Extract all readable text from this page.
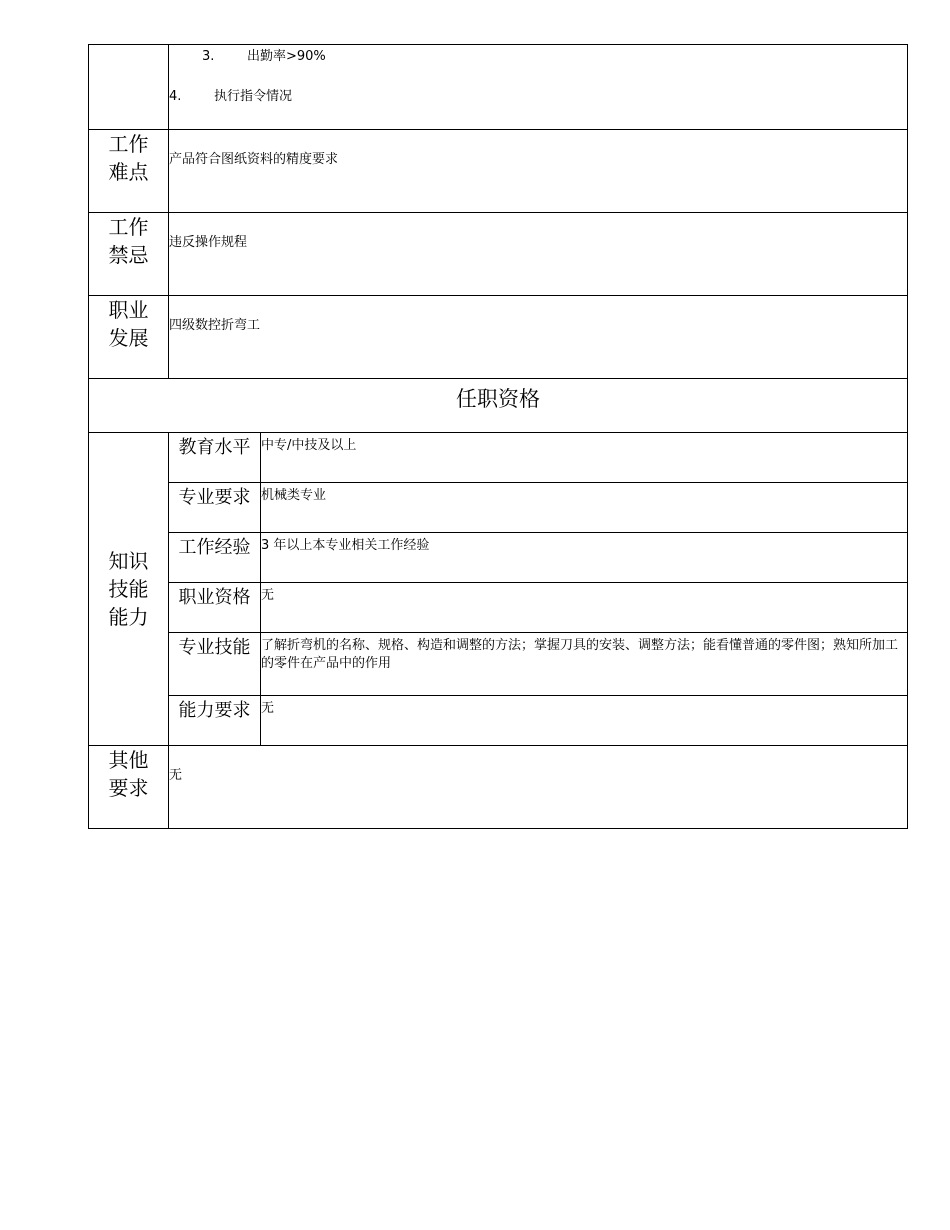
	3. 出勤率>90%
4. 执行指令情况	

工作
难点	产品符合图纸资料的精度要求	

工作
禁忌	违反操作规程	

职业
发展	四级数控折弯工	
任职资格		

知识
技能
能力	教育水平	中专/中技及以上
	专业要求	机械类专业
	工作经验	3 年以上本专业相关工作经验
	职业资格	无
	专业技能	了解折弯机的名称、规格、构造和调整的方法；掌握刀具的安装、调整方法；能看懂普通的零件图；熟知所加工的零件在产品中的作用
	能力要求	无

其他
要求	无	
